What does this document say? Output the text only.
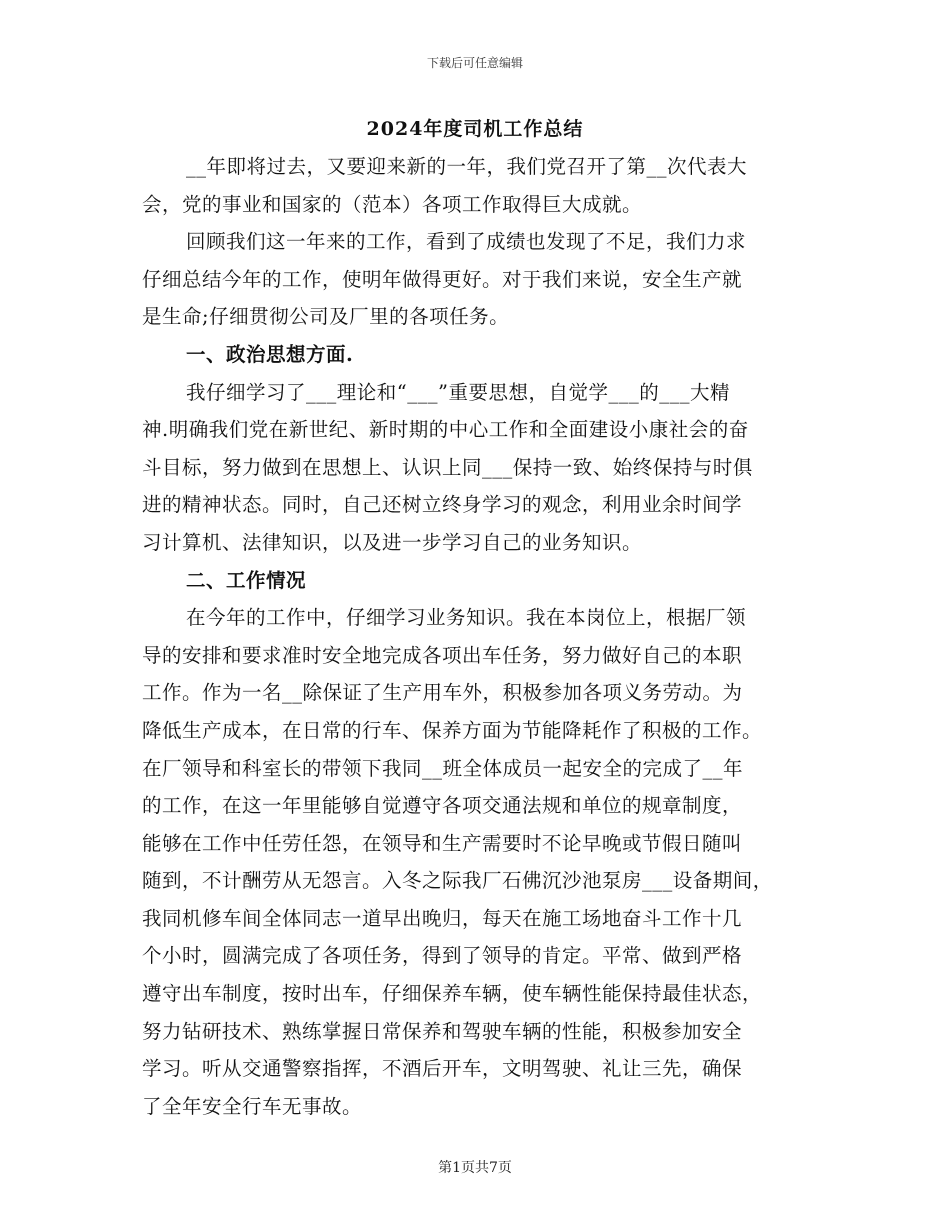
下载后可任意编辑
2024年度司机工作总结
__年即将过去，又要迎来新的一年，我们党召开了第__次代表大
会，党的事业和国家的（范本）各项工作取得巨大成就。
回顾我们这一年来的工作，看到了成绩也发现了不足，我们力求
仔细总结今年的工作，使明年做得更好。对于我们来说，安全生产就
是生命;仔细贯彻公司及厂里的各项任务。
一、政治思想方面.
我仔细学习了___理论和“___”重要思想，自觉学___的___大精
神.明确我们党在新世纪、新时期的中心工作和全面建设小康社会的奋
斗目标，努力做到在思想上、认识上同___保持一致、始终保持与时俱
进的精神状态。同时，自己还树立终身学习的观念，利用业余时间学
习计算机、法律知识，以及进一步学习自己的业务知识。
二、工作情况
在今年的工作中，仔细学习业务知识。我在本岗位上，根据厂领
导的安排和要求准时安全地完成各项出车任务，努力做好自己的本职
工作。作为一名__除保证了生产用车外，积极参加各项义务劳动。为
降低生产成本，在日常的行车、保养方面为节能降耗作了积极的工作。
在厂领导和科室长的带领下我同__班全体成员一起安全的完成了__年
的工作，在这一年里能够自觉遵守各项交通法规和单位的规章制度，
能够在工作中任劳任怨，在领导和生产需要时不论早晚或节假日随叫
随到，不计酬劳从无怨言。入冬之际我厂石佛沉沙池泵房___设备期间，
我同机修车间全体同志一道早出晚归，每天在施工场地奋斗工作十几
个小时，圆满完成了各项任务，得到了领导的肯定。平常、做到严格
遵守出车制度，按时出车，仔细保养车辆，使车辆性能保持最佳状态，
努力钻研技术、熟练掌握日常保养和驾驶车辆的性能，积极参加安全
学习。听从交通警察指挥，不酒后开车，文明驾驶、礼让三先，确保
了全年安全行车无事故。
第1页共7页
